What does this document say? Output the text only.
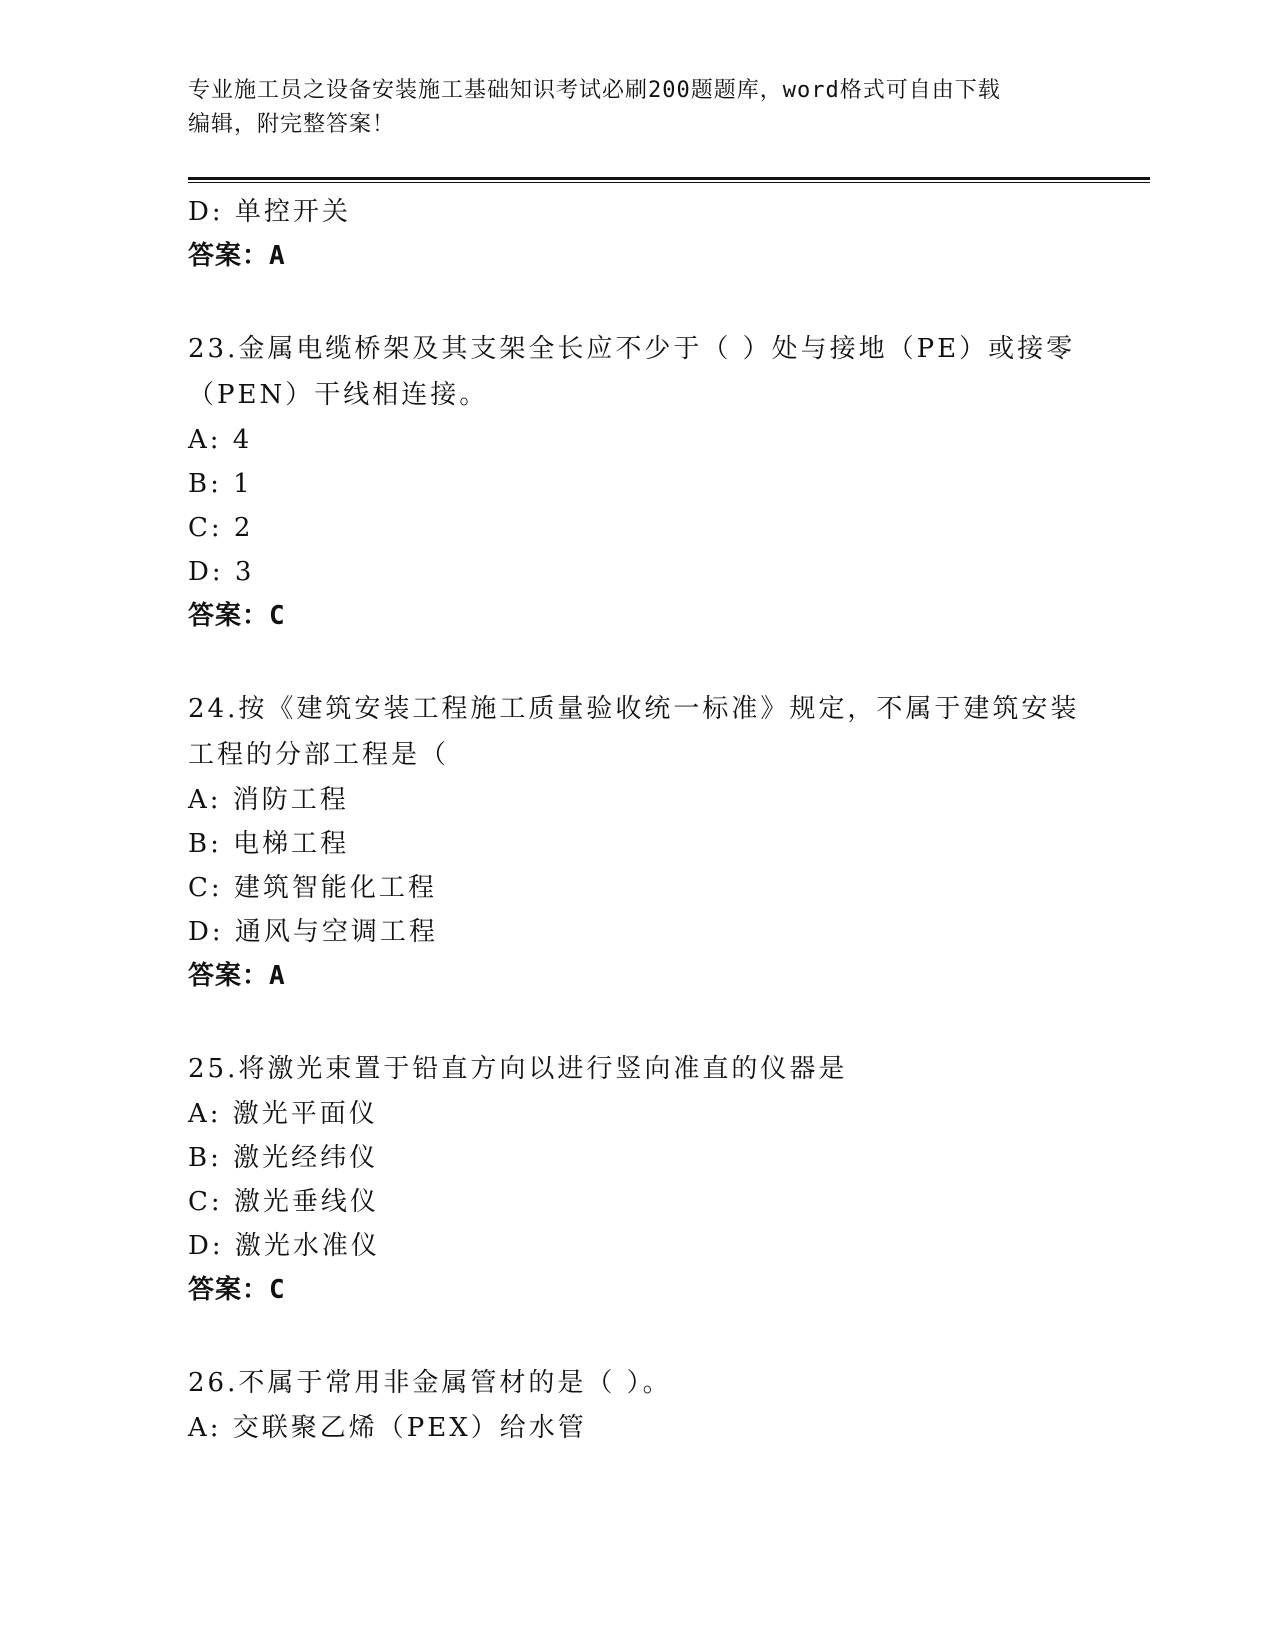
专业施工员之设备安装施工基础知识考试必刷200题题库，word格式可自由下载
编辑，附完整答案！
D: 单控开关
答案：A
23.金属电缆桥架及其支架全长应不少于（ ）处与接地（PE）或接零
（PEN）干线相连接。
A: 4
B: 1
C: 2
D: 3
答案：C
24.按《建筑安装工程施工质量验收统一标准》规定，不属于建筑安装
工程的分部工程是（
A: 消防工程
B: 电梯工程
C: 建筑智能化工程
D: 通风与空调工程
答案：A
25.将激光束置于铅直方向以进行竖向准直的仪器是
A: 激光平面仪
B: 激光经纬仪
C: 激光垂线仪
D: 激光水准仪
答案：C
26.不属于常用非金属管材的是（ ）。
A: 交联聚乙烯（PEX）给水管
